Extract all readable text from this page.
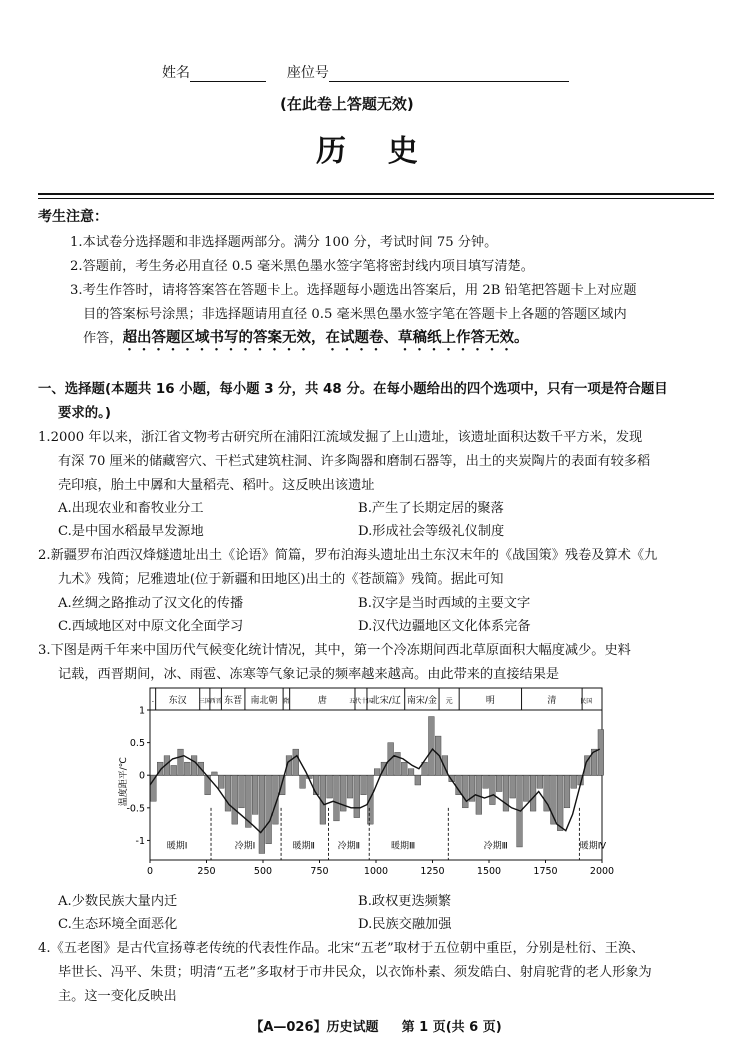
姓名	座位号
(在此卷上答题无效)
历    史
考生注意：
1.本试卷分选择题和非选择题两部分。满分 100 分，考试时间 75 分钟。
2.答题前，考生务必用直径 0.5 毫米黑色墨水签字笔将密封线内项目填写清楚。
3.考生作答时，请将答案答在答题卡上。选择题每小题选出答案后，用 2B 铅笔把答题卡上对应题
目的答案标号涂黑；非选择题请用直径 0.5 毫米黑色墨水签字笔在答题卡上各题的答题区域内
作答，超出答题区域书写的答案无效，在试题卷、草稿纸上作答无效。
一、选择题(本题共 16 小题，每小题 3 分，共 48 分。在每小题给出的四个选项中，只有一项是符合题目
要求的。)
1.2000 年以来，浙江省文物考古研究所在浦阳江流域发掘了上山遗址，该遗址面积达数千平方米，发现
有深 70 厘米的储藏窖穴、干栏式建筑柱洞、许多陶器和磨制石器等，出土的夹炭陶片的表面有较多稻
壳印痕，胎土中羼和大量稻壳、稻叶。这反映出该遗址
A.出现农业和畜牧业分工	B.产生了长期定居的聚落
C.是中国水稻最早发源地	D.形成社会等级礼仪制度
2.新疆罗布泊西汉烽燧遗址出土《论语》简篇，罗布泊海头遗址出土东汉末年的《战国策》残卷及算术《九
九术》残简；尼雅遗址(位于新疆和田地区)出土的《苍颉篇》残简。据此可知
A.丝绸之路推动了汉文化的传播	B.汉字是当时西域的主要文字
C.西域地区对中原文化全面学习	D.汉代边疆地区文化体系完备
3.下图是两千年来中国历代气候变化统计情况，其中，第一个冷冻期间西北草原面积大幅度减少。史料
记载，西晋期间，冰、雨雹、冻寒等气象记录的频率越来越高。由此带来的直接结果是
- 东汉 三国
西晋 东晋 南北朝 隋	唐	五代十国
北宋/辽 南宋/金 元	明	清	民国
暖期Ⅰ	冷期Ⅰ	暖期Ⅱ	冷期Ⅱ	暖期Ⅲ	冷期Ⅲ	暖期Ⅳ
1
0.5
0
-0.5
-1
0	250	500	750	1000	1250	1500	1750	2000
温度距平/℃
A.少数民族大量内迁	B.政权更迭频繁
C.生态环境全面恶化	D.民族交融加强
4.《五老图》是古代宣扬尊老传统的代表性作品。北宋“五老”取材于五位朝中重臣，分别是杜衍、王涣、
毕世长、冯平、朱贯；明清“五老”多取材于市井民众，以衣饰朴素、须发皓白、射肩驼背的老人形象为
主。这一变化反映出
【A—026】历史试题 第 1 页(共 6 页)
